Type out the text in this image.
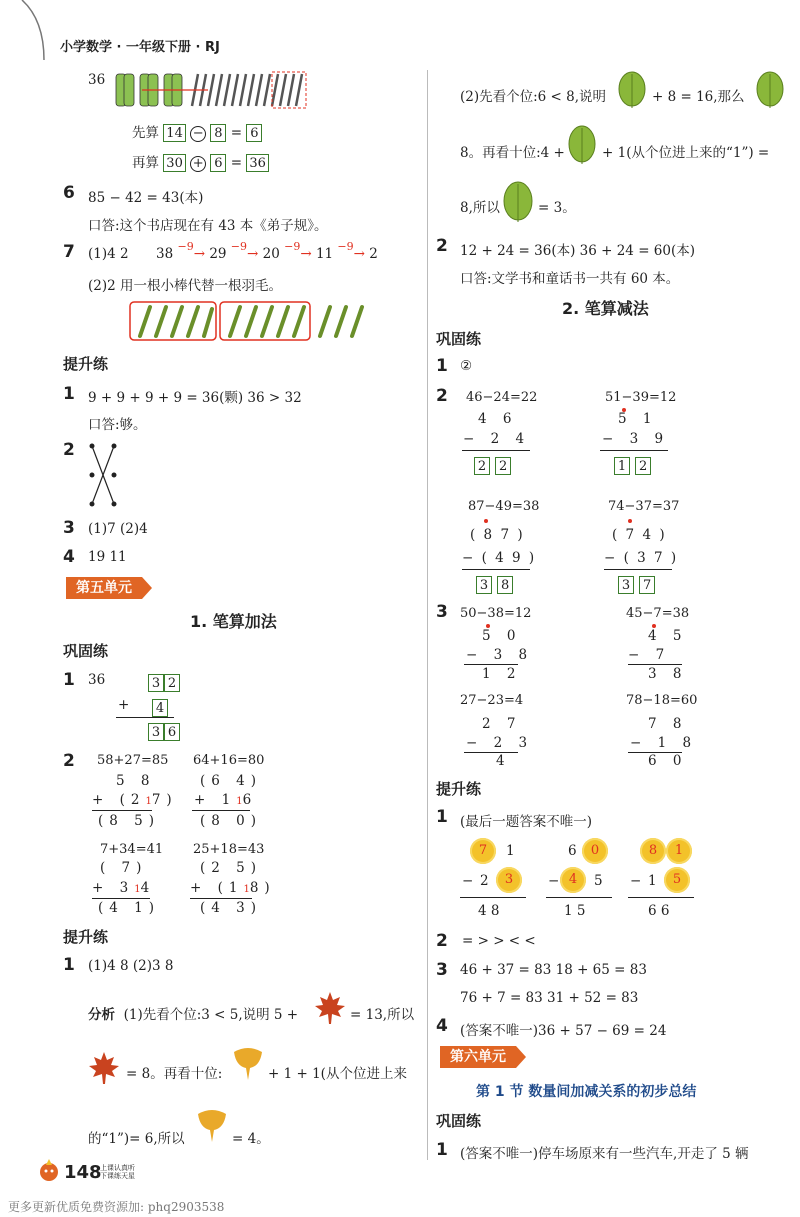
小学数学 · 一年级下册 · RJ
36
先算 14 − 8 = 6
再算 30 + 6 = 36
6 85 − 42 = 43(本)
口答:这个书店现在有 43 本《弟子规》。
7 (1)4 2 38 $^{-9}$→ 29 $^{-9}$→ 20 $^{-9}$→ 11 $^{-9}$→ 2
(2)2 用一根小棒代替一根羽毛。
提升练
1 9 + 9 + 9 + 9 = 36(颗) 36 > 32
口答:够。
2
3 (1)7 (2)4
4 19 11
第五单元
1. 笔算加法
巩固练
1 36	3 2
+ 4
3 6
2 58+27=85
5 8
+ (217)
(8 5)
64+16=80
(6 4)
+ 116
(8 0)
7+34=41
( 7)
+ 314
(4 1)
25+18=43
(2 5)
+ (118)
(4 3)
提升练
1 (1)4 8 (2)3 8
分析 (1)先看个位:3 < 5,说明 5 +	= 13,所以
= 8。再看十位:	+ 1 + 1(从个位进上来
的“1”)= 6,所以	= 4。
(2)先看个位:6 < 8,说明	+ 8 = 16,那么
8。再看十位:4 +	+ 1(从个位进上来的“1”) =
8,所以	= 3。
2 12 + 24 = 36(本) 36 + 24 = 60(本)
口答:文学书和童话书一共有 60 本。
2. 笔算减法
巩固练
1 ②
2 46−24=22
4 6
− 2 4
2 2
51−39=12
5 1
− 3 9
1 2
87−49=38
( 8 7 )
− ( 4 9 )
3 8
74−37=37
( 7 4 )
− ( 3 7 )
3 7
3 50−38=12
5 0
− 3 8
1 2
45−7=38
4 5
− 7
3 8
27−23=4
2 7
− 2 3
4
78−18=60
7 8
− 1 8
6 0
提升练
1 (最后一题答案不唯一)
7	1
− 2	3
4 8
6	0
− 4	5
1 5
8	1
− 1	5
6 6
2 = > > < <
3 46 + 37 = 83 18 + 65 = 83
76 + 7 = 83 31 + 52 = 83
4 (答案不唯一)36 + 57 − 69 = 24
第六单元
第 1 节 数量间加减关系的初步总结
巩固练
1 (答案不唯一)停车场原来有一些汽车,开走了 5 辆
148
上课认真听
下课练天星
更多更新优质免费资源加: phq2903538
